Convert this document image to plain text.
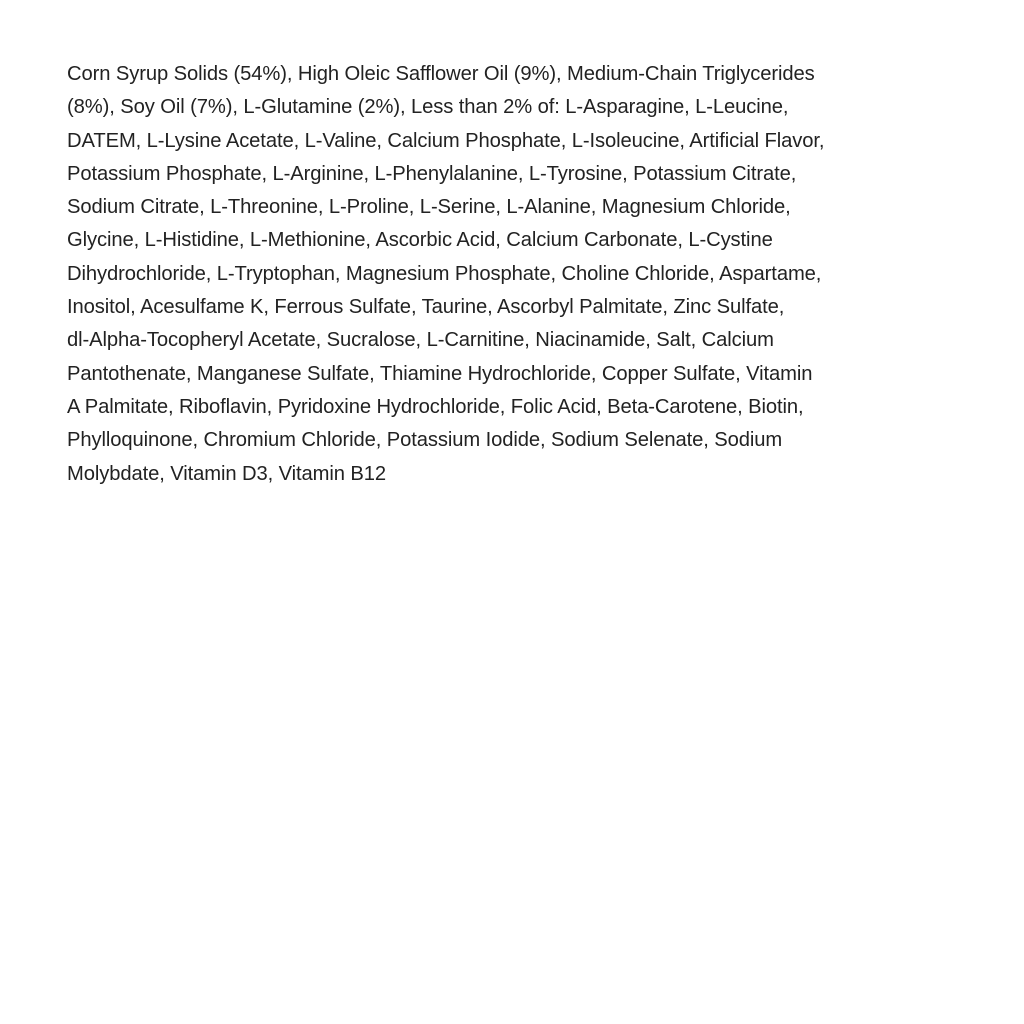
Corn Syrup Solids (54%), High Oleic Safflower Oil (9%), Medium-Chain Triglycerides
(8%), Soy Oil (7%), L-Glutamine (2%), Less than 2% of: L-Asparagine, L-Leucine,
DATEM, L-Lysine Acetate, L-Valine, Calcium Phosphate, L-Isoleucine, Artificial Flavor,
Potassium Phosphate, L-Arginine, L-Phenylalanine, L-Tyrosine, Potassium Citrate,
Sodium Citrate, L-Threonine, L-Proline, L-Serine, L-Alanine, Magnesium Chloride,
Glycine, L-Histidine, L-Methionine, Ascorbic Acid, Calcium Carbonate, L-Cystine
Dihydrochloride, L-Tryptophan, Magnesium Phosphate, Choline Chloride, Aspartame,
Inositol, Acesulfame K, Ferrous Sulfate, Taurine, Ascorbyl Palmitate, Zinc Sulfate,
dl-Alpha-Tocopheryl Acetate, Sucralose, L-Carnitine, Niacinamide, Salt, Calcium
Pantothenate, Manganese Sulfate, Thiamine Hydrochloride, Copper Sulfate, Vitamin
A Palmitate, Riboflavin, Pyridoxine Hydrochloride, Folic Acid, Beta-Carotene, Biotin,
Phylloquinone, Chromium Chloride, Potassium Iodide, Sodium Selenate, Sodium
Molybdate, Vitamin D3, Vitamin B12
